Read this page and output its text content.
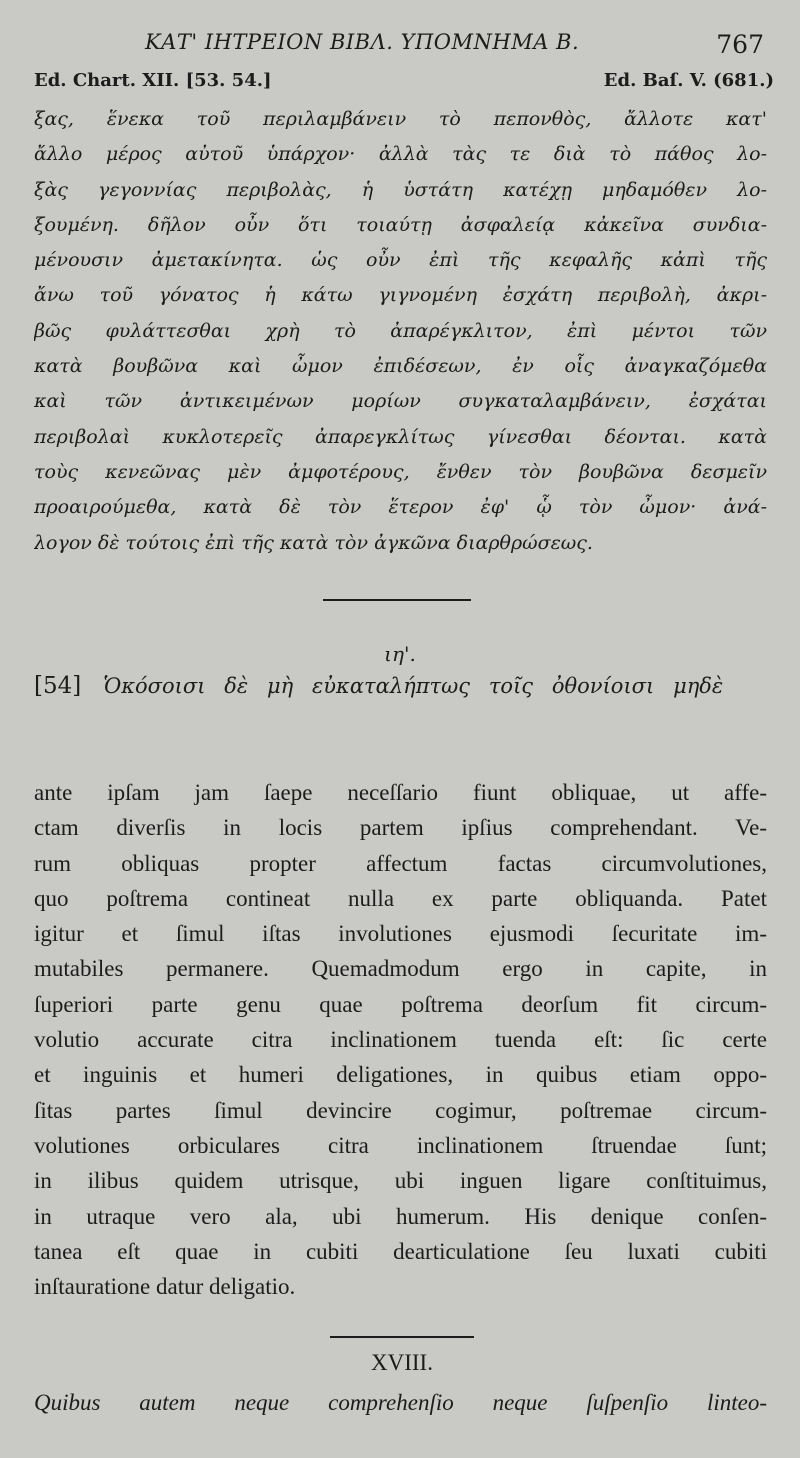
ΚΑΤ' ΙΗΤΡΕΙΟΝ ΒΙΒΛ. ΥΠΟΜΝΗΜΑ Β.	767
Ed. Chart. XII. [53. 54.]	Ed. Baſ. V. (681.)
ξας, ἕνεκα τοῦ περιλαμβάνειν τὸ πεπονθὸς, ἄλλοτε κατ'
ἄλλο μέρος αὐτοῦ ὑπάρχον· ἀλλὰ τὰς τε διὰ τὸ πάθος λο-
ξὰς γεγοννίας περιβολὰς, ἡ ὑστάτη κατέχῃ μηδαμόθεν λο-
ξουμένη. δῆλον οὖν ὅτι τοιαύτῃ ἀσφαλείᾳ κἀκεῖνα συνδια-
μένουσιν ἀμετακίνητα. ὡς οὖν ἐπὶ τῆς κεφαλῆς κἀπὶ τῆς
ἄνω τοῦ γόνατος ἡ κάτω γιγνομένη ἐσχάτη περιβολὴ, ἀκρι-
βῶς φυλάττεσθαι χρὴ τὸ ἀπαρέγκλιτον, ἐπὶ μέντοι τῶν
κατὰ βουβῶνα καὶ ὦμον ἐπιδέσεων, ἐν οἷς ἀναγκαζόμεθα
καὶ τῶν ἀντικειμένων μορίων συγκαταλαμβάνειν, ἐσχάται
περιβολαὶ κυκλοτερεῖς ἀπαρεγκλίτως γίνεσθαι δέονται. κατὰ
τοὺς κενεῶνας μὲν ἀμφοτέρους, ἔνθεν τὸν βουβῶνα δεσμεῖν
προαιρούμεθα, κατὰ δὲ τὸν ἕτερον ἐφ' ᾧ τὸν ὦμον· ἀνά-
λογον δὲ τούτοις ἐπὶ τῆς κατὰ τὸν ἀγκῶνα διαρθρώσεως.
ιη'.
[54] Ὁκόσοισι δὲ μὴ εὐκαταλήπτως τοῖς ὀθονίοισι μηδὲ
ante ipſam jam ſaepe neceſſario fiunt obliquae, ut affe-
ctam diverſis in locis partem ipſius comprehendant. Ve-
rum obliquas propter affectum factas circumvolutiones,
quo poſtrema contineat nulla ex parte obliquanda. Patet
igitur et ſimul iſtas involutiones ejusmodi ſecuritate im-
mutabiles permanere. Quemadmodum ergo in capite, in
ſuperiori parte genu quae poſtrema deorſum fit circum-
volutio accurate citra inclinationem tuenda eſt: ſic certe
et inguinis et humeri deligationes, in quibus etiam oppo-
ſitas partes ſimul devincire cogimur, poſtremae circum-
volutiones orbiculares citra inclinationem ſtruendae ſunt;
in ilibus quidem utrisque, ubi inguen ligare conſtituimus,
in utraque vero ala, ubi humerum. His denique conſen-
tanea eſt quae in cubiti dearticulatione ſeu luxati cubiti
inſtauratione datur deligatio.
XVIII.
Quibus autem neque comprehenſio neque ſuſpenſio linteo-
